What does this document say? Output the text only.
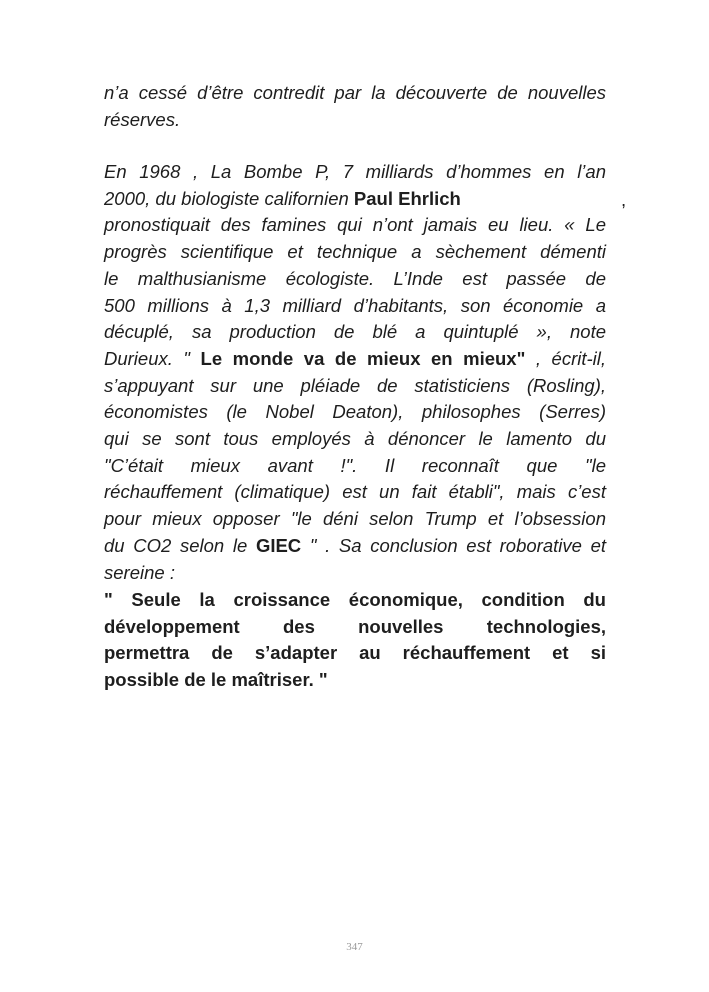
n’a cessé d’être contredit par la découverte de nouvelles
réserves.
En 1968 , La Bombe P, 7 milliards d’hommes en l’an
2000, du biologiste californien Paul Ehrlich
pronostiquait des famines qui n’ont jamais eu lieu. « Le
progrès scientifique et technique a sèchement démenti
le malthusianisme écologiste. L’Inde est passée de
500 millions à 1,3 milliard d’habitants, son économie a
décuplé, sa production de blé a quintuplé », note
Durieux. " Le monde va de mieux en mieux" , écrit-il,
s’appuyant sur une pléiade de statisticiens (Rosling),
économistes (le Nobel Deaton), philosophes (Serres)
qui se sont tous employés à dénoncer le lamento du
"C’était mieux avant !". Il reconnaît que "le
réchauffement (climatique) est un fait établi", mais c’est
pour mieux opposer "le déni selon Trump et l’obsession
du CO2 selon le GIEC " . Sa conclusion est roborative et
sereine :
,
" Seule la croissance économique, condition du
développement des nouvelles technologies,
permettra de s’adapter au réchauffement et si
possible de le maîtriser. "
347
